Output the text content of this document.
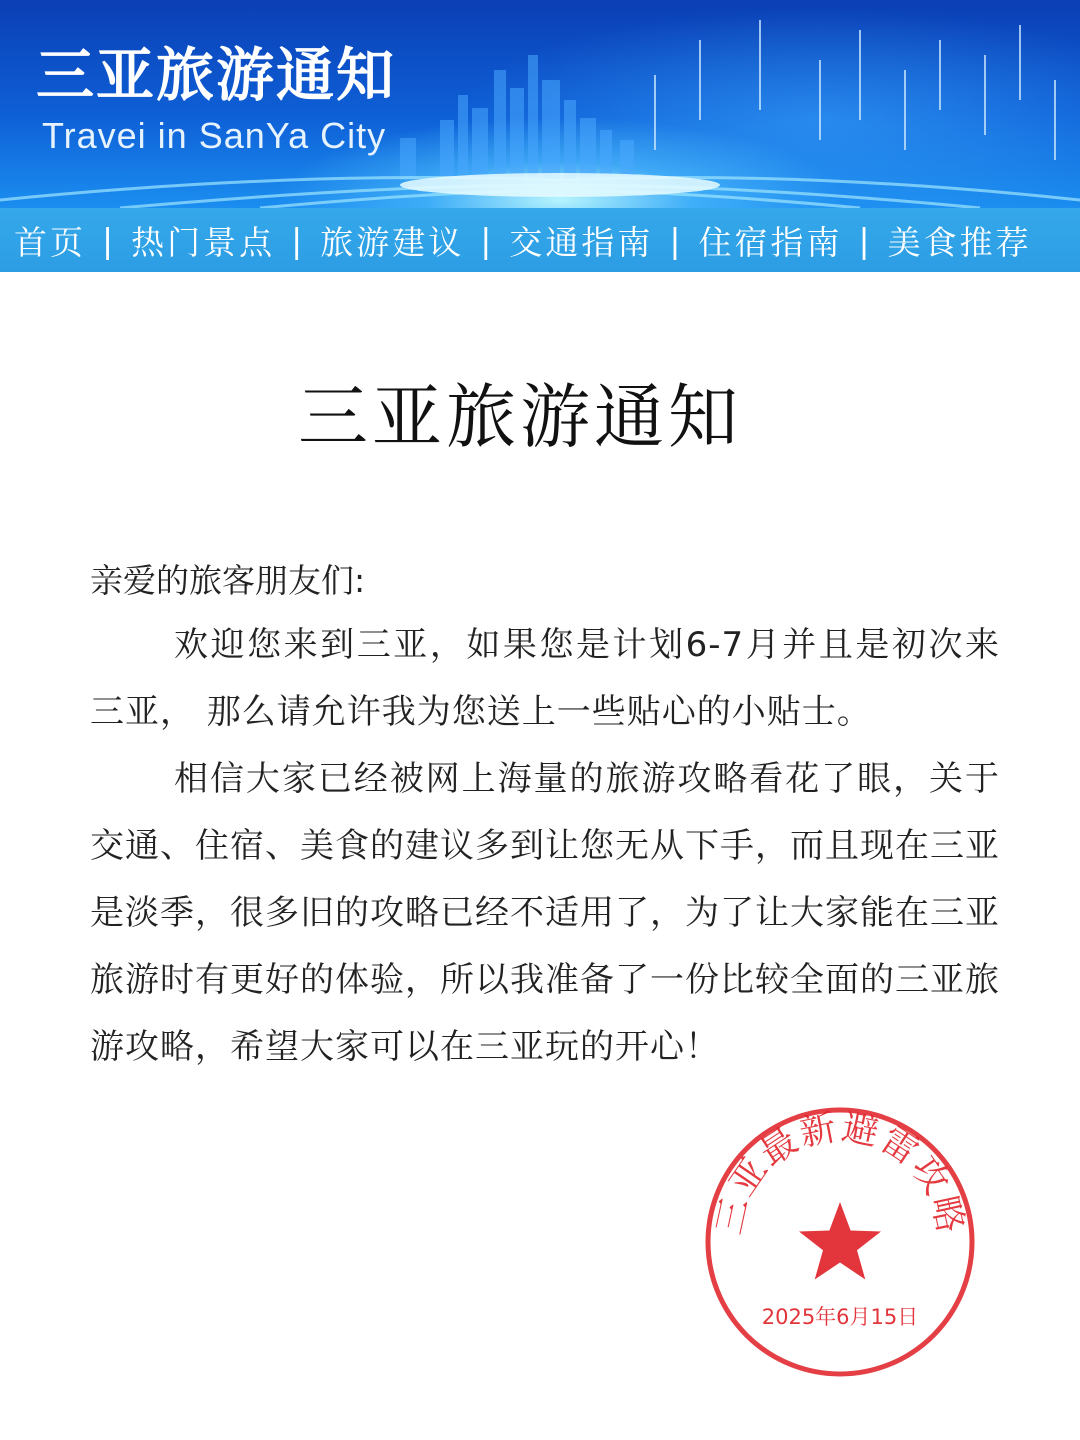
三亚旅游通知
Travei in SanYa City
首页 | 热门景点 | 旅游建议 | 交通指南 | 住宿指南 | 美食推荐
三亚旅游通知
亲爱的旅客朋友们:

欢迎您来到三亚，如果您是计划6-7月并且是初次来三亚， 那么请允许我为您送上一些贴心的小贴士。

相信大家已经被网上海量的旅游攻略看花了眼，关于交通、住宿、美食的建议多到让您无从下手，而且现在三亚是淡季，很多旧的攻略已经不适用了，为了让大家能在三亚旅游时有更好的体验，所以我准备了一份比较全面的三亚旅游攻略，希望大家可以在三亚玩的开心！

三亚最新避雷攻略
2025年6月15日
